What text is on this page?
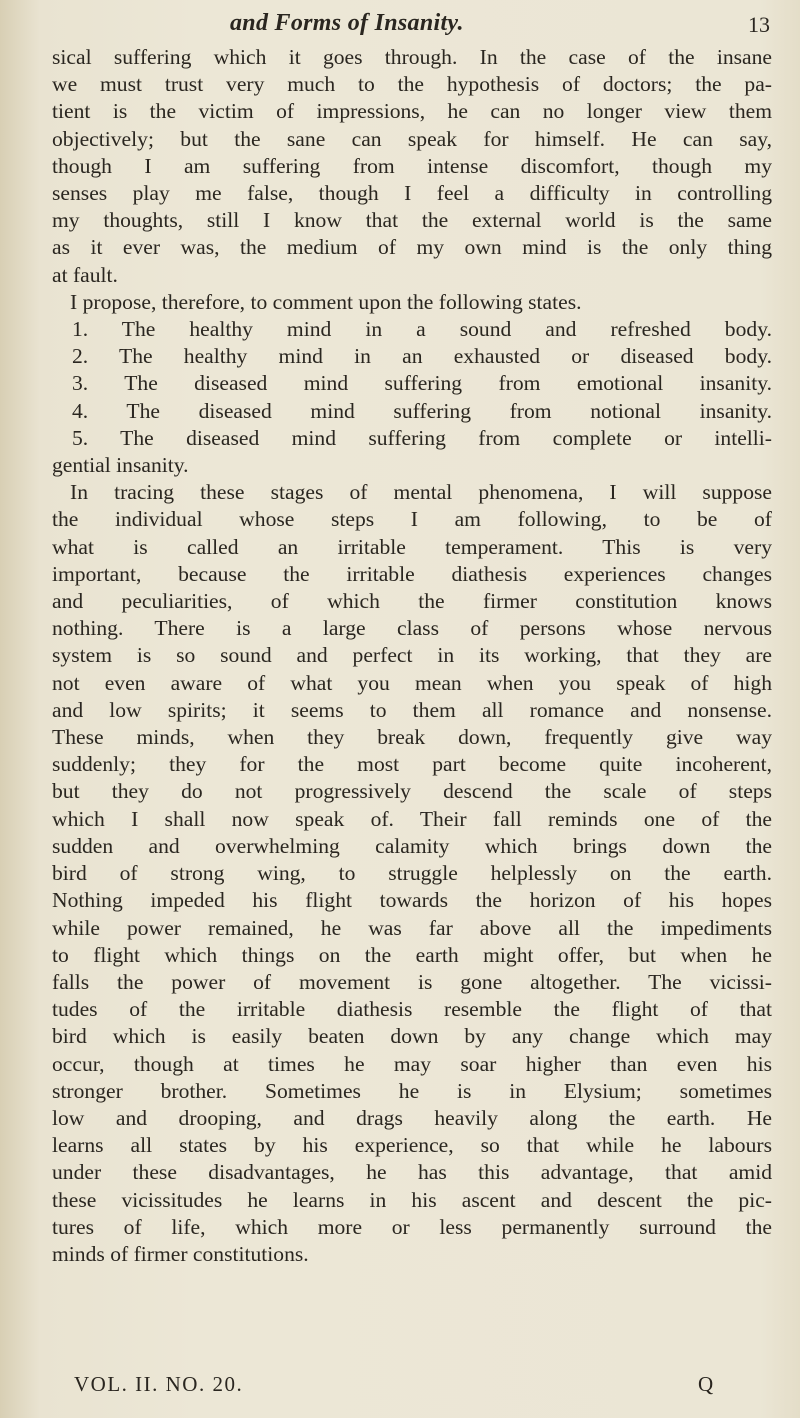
and Forms of Insanity.	13

sical suffering which it goes through. In the case of the insane

we must trust very much to the hypothesis of doctors; the pa-

tient is the victim of impressions, he can no longer view them

objectively; but the sane can speak for himself. He can say,

though I am suffering from intense discomfort, though my

senses play me false, though I feel a difficulty in controlling

my thoughts, still I know that the external world is the same

as it ever was, the medium of my own mind is the only thing

at fault.

I propose, therefore, to comment upon the following states.

1. The healthy mind in a sound and refreshed body.

2. The healthy mind in an exhausted or diseased body.

3. The diseased mind suffering from emotional insanity.

4. The diseased mind suffering from notional insanity.

5. The diseased mind suffering from complete or intelli-

gential insanity.

In tracing these stages of mental phenomena, I will suppose

the individual whose steps I am following, to be of

what is called an irritable temperament. This is very

important, because the irritable diathesis experiences changes

and peculiarities, of which the firmer constitution knows

nothing. There is a large class of persons whose nervous

system is so sound and perfect in its working, that they are

not even aware of what you mean when you speak of high

and low spirits; it seems to them all romance and nonsense.

These minds, when they break down, frequently give way

suddenly; they for the most part become quite incoherent,

but they do not progressively descend the scale of steps

which I shall now speak of. Their fall reminds one of the

sudden and overwhelming calamity which brings down the

bird of strong wing, to struggle helplessly on the earth.

Nothing impeded his flight towards the horizon of his hopes

while power remained, he was far above all the impediments

to flight which things on the earth might offer, but when he

falls the power of movement is gone altogether. The vicissi-

tudes of the irritable diathesis resemble the flight of that

bird which is easily beaten down by any change which may

occur, though at times he may soar higher than even his

stronger brother. Sometimes he is in Elysium; sometimes

low and drooping, and drags heavily along the earth. He

learns all states by his experience, so that while he labours

under these disadvantages, he has this advantage, that amid

these vicissitudes he learns in his ascent and descent the pic-

tures of life, which more or less permanently surround the

minds of firmer constitutions.

VOL. II. NO. 20.	Q
